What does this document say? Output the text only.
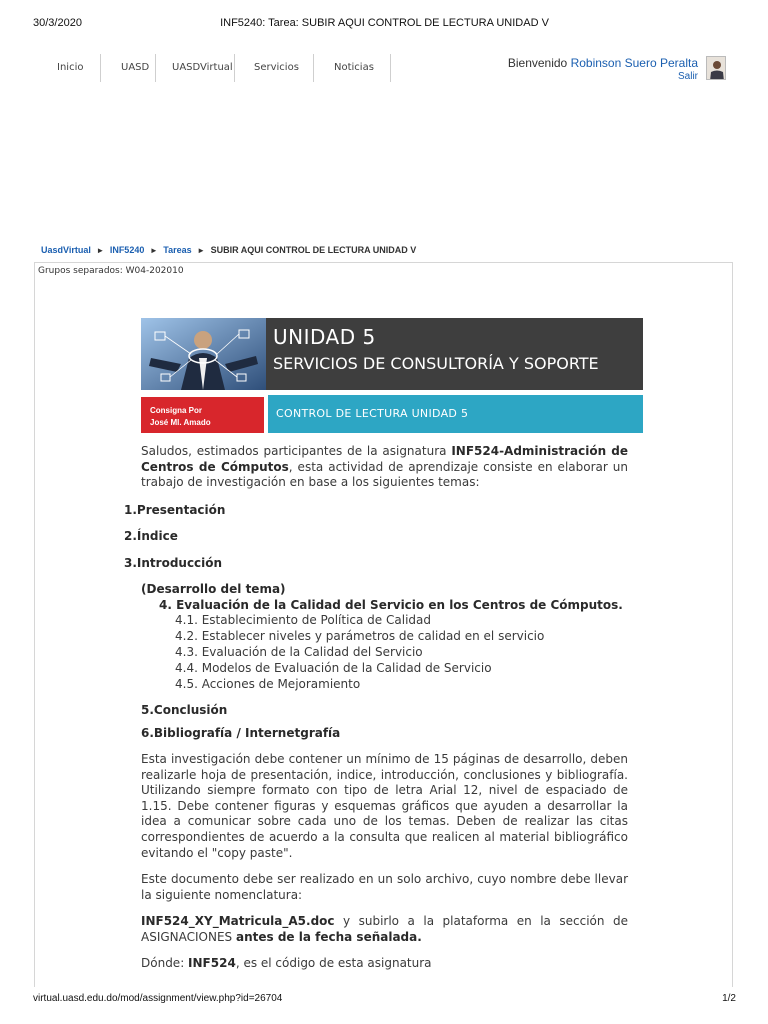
30/3/2020	INF5240: Tarea: SUBIR AQUI CONTROL DE LECTURA UNIDAD V
Inicio	UASD	UASDVirtual	Servicios	Noticias	Bienvenido Robinson Suero Peralta
Salir
UasdVirtual ► INF5240 ► Tareas ► SUBIR AQUI CONTROL DE LECTURA UNIDAD V
Grupos separados: W04-202010
UNIDAD 5
SERVICIOS DE CONSULTORÍA Y SOPORTE
Consigna Por
José Ml. Amado
CONTROL DE LECTURA UNIDAD 5

Saludos, estimados participantes de la asignatura INF524-Administración de Centros de Cómputos, esta actividad de aprendizaje consiste en elaborar un trabajo de investigación en base a los siguientes temas:

1.Presentación
2.Índice
3.Introducción
(Desarrollo del tema)
4. Evaluación de la Calidad del Servicio en los Centros de Cómputos.
4.1. Establecimiento de Política de Calidad
4.2. Establecer niveles y parámetros de calidad en el servicio
4.3. Evaluación de la Calidad del Servicio
4.4. Modelos de Evaluación de la Calidad de Servicio
4.5. Acciones de Mejoramiento
5.Conclusión
6.Bibliografía / Internetgrafía

Esta investigación debe contener un mínimo de 15 páginas de desarrollo, deben realizarle hoja de presentación, indice, introducción, conclusiones y bibliografía. Utilizando siempre formato con tipo de letra Arial 12, nivel de espaciado de 1.15. Debe contener figuras y esquemas gráficos que ayuden a desarrollar la idea a comunicar sobre cada uno de los temas. Deben de realizar las citas correspondientes de acuerdo a la consulta que realicen al material bibliográfico evitando el "copy paste".

Este documento debe ser realizado en un solo archivo, cuyo nombre debe llevar la siguiente nomenclatura:

INF524_XY_Matricula_A5.doc y subirlo a la plataforma en la sección de ASIGNACIONES antes de la fecha señalada.

Dónde: INF524, es el código de esta asignatura

virtual.uasd.edu.do/mod/assignment/view.php?id=26704	1/2
